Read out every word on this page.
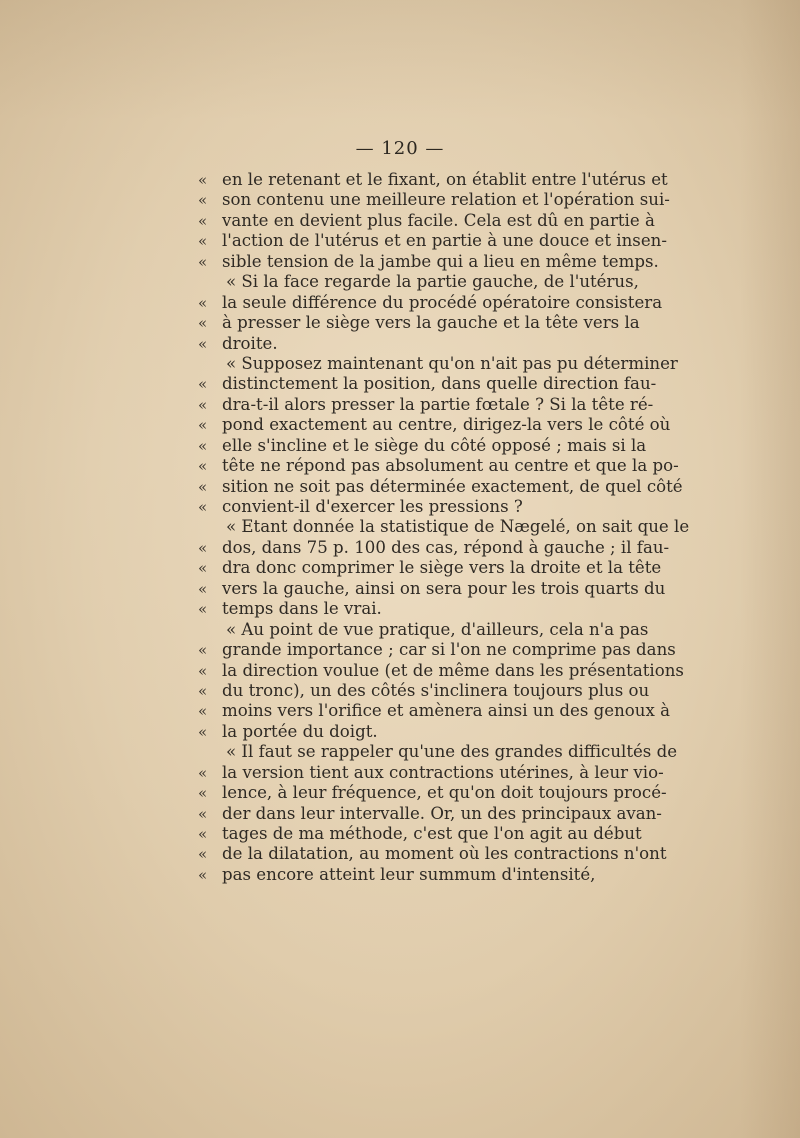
— 120 —
« en le retenant et le fixant, on établit entre l'utérus et
« son contenu une meilleure relation et l'opération sui-
« vante en devient plus facile. Cela est dû en partie à
« l'action de l'utérus et en partie à une douce et insen-
« sible tension de la jambe qui a lieu en même temps.
« Si la face regarde la partie gauche, de l'utérus,
« la seule différence du procédé opératoire consistera
« à presser le siège vers la gauche et la tête vers la
« droite.
« Supposez maintenant qu'on n'ait pas pu déterminer
« distinctement la position, dans quelle direction fau-
« dra-t-il alors presser la partie fœtale ? Si la tête ré-
« pond exactement au centre, dirigez-la vers le côté où
« elle s'incline et le siège du côté opposé ; mais si la
« tête ne répond pas absolument au centre et que la po-
« sition ne soit pas déterminée exactement, de quel côté
« convient-il d'exercer les pressions ?
« Etant donnée la statistique de Nægelé, on sait que le
« dos, dans 75 p. 100 des cas, répond à gauche ; il fau-
« dra donc comprimer le siège vers la droite et la tête
« vers la gauche, ainsi on sera pour les trois quarts du
« temps dans le vrai.
« Au point de vue pratique, d'ailleurs, cela n'a pas
« grande importance ; car si l'on ne comprime pas dans
« la direction voulue (et de même dans les présentations
« du tronc), un des côtés s'inclinera toujours plus ou
« moins vers l'orifice et amènera ainsi un des genoux à
« la portée du doigt.
« Il faut se rappeler qu'une des grandes difficultés de
« la version tient aux contractions utérines, à leur vio-
« lence, à leur fréquence, et qu'on doit toujours procé-
« der dans leur intervalle. Or, un des principaux avan-
« tages de ma méthode, c'est que l'on agit au début
« de la dilatation, au moment où les contractions n'ont
« pas encore atteint leur summum d'intensité,
